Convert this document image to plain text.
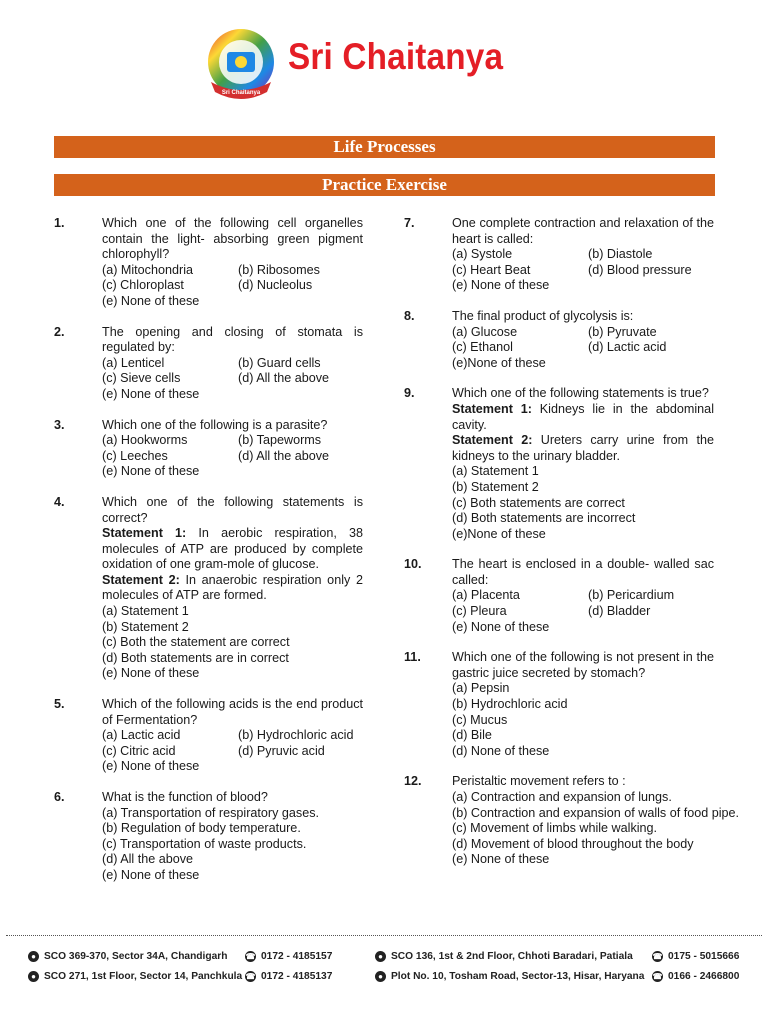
Sri Chaitanya
Sri Chaitanya
Life Processes
Practice Exercise
1.	Which one of the following cell organelles contain the light- absorbing green pigment chlorophyll?
(a) Mitochondria	(b) Ribosomes
(c) Chloroplast	(d) Nucleolus
(e) None of these
2.	The opening and closing of stomata is regulated by:
(a) Lenticel	(b) Guard cells
(c) Sieve cells	(d) All the above
(e) None of these
3.	Which one of the following is a parasite?
(a) Hookworms	(b) Tapeworms
(c) Leeches	(d) All the above
(e) None of these
4.	Which one of the following statements is correct?
Statement 1: In aerobic respiration, 38 molecules of ATP are produced by complete oxidation of one gram-mole of glucose.
Statement 2: In anaerobic respiration only 2 molecules of ATP are formed.
(a) Statement 1
(b) Statement 2
(c) Both the statement are correct
(d) Both statements are in correct
(e) None of these
5.	Which of the following acids is the end product of Fermentation?
(a) Lactic acid	(b) Hydrochloric acid
(c) Citric acid	(d) Pyruvic acid
(e) None of these
6.	What is the function of blood?
(a) Transportation of respiratory gases.
(b) Regulation of body temperature.
(c) Transportation of waste products.
(d) All the above
(e) None of these
7.	One complete contraction and relaxation of the heart is called:
(a) Systole	(b) Diastole
(c) Heart Beat	(d) Blood pressure
(e) None of these
8.	The final product of glycolysis is:
(a) Glucose	(b) Pyruvate
(c) Ethanol	(d) Lactic acid
(e)None of these
9.	Which one of the following statements is true?
Statement 1: Kidneys lie in the abdominal cavity.
Statement 2: Ureters carry urine from the kidneys to the urinary bladder.
(a) Statement 1
(b) Statement 2
(c) Both statements are correct
(d) Both statements are incorrect
(e)None of these
10. The heart is enclosed in a double- walled sac called:
(a) Placenta	(b) Pericardium
(c) Pleura	(d) Bladder
(e) None of these
11. Which one of the following is not present in the gastric juice secreted by stomach?
(a) Pepsin
(b) Hydrochloric acid
(c) Mucus
(d) Bile
(d) None of these
12. Peristaltic movement refers to :
(a) Contraction and expansion of lungs.
(b) Contraction and expansion of walls of food pipe.
(c) Movement of limbs while walking.
(d) Movement of blood throughout the body
(e) None of these
● SCO 369-370, Sector 34A, Chandigarh ☎ 0172 - 4185157	● SCO 136, 1st & 2nd Floor, Chhoti Baradari, Patiala ☎ 0175 - 5015666
● SCO 271, 1st Floor, Sector 14, Panchkula ☎ 0172 - 4185137	● Plot No. 10, Tosham Road, Sector-13, Hisar, Haryana ☎ 0166 - 2466800
